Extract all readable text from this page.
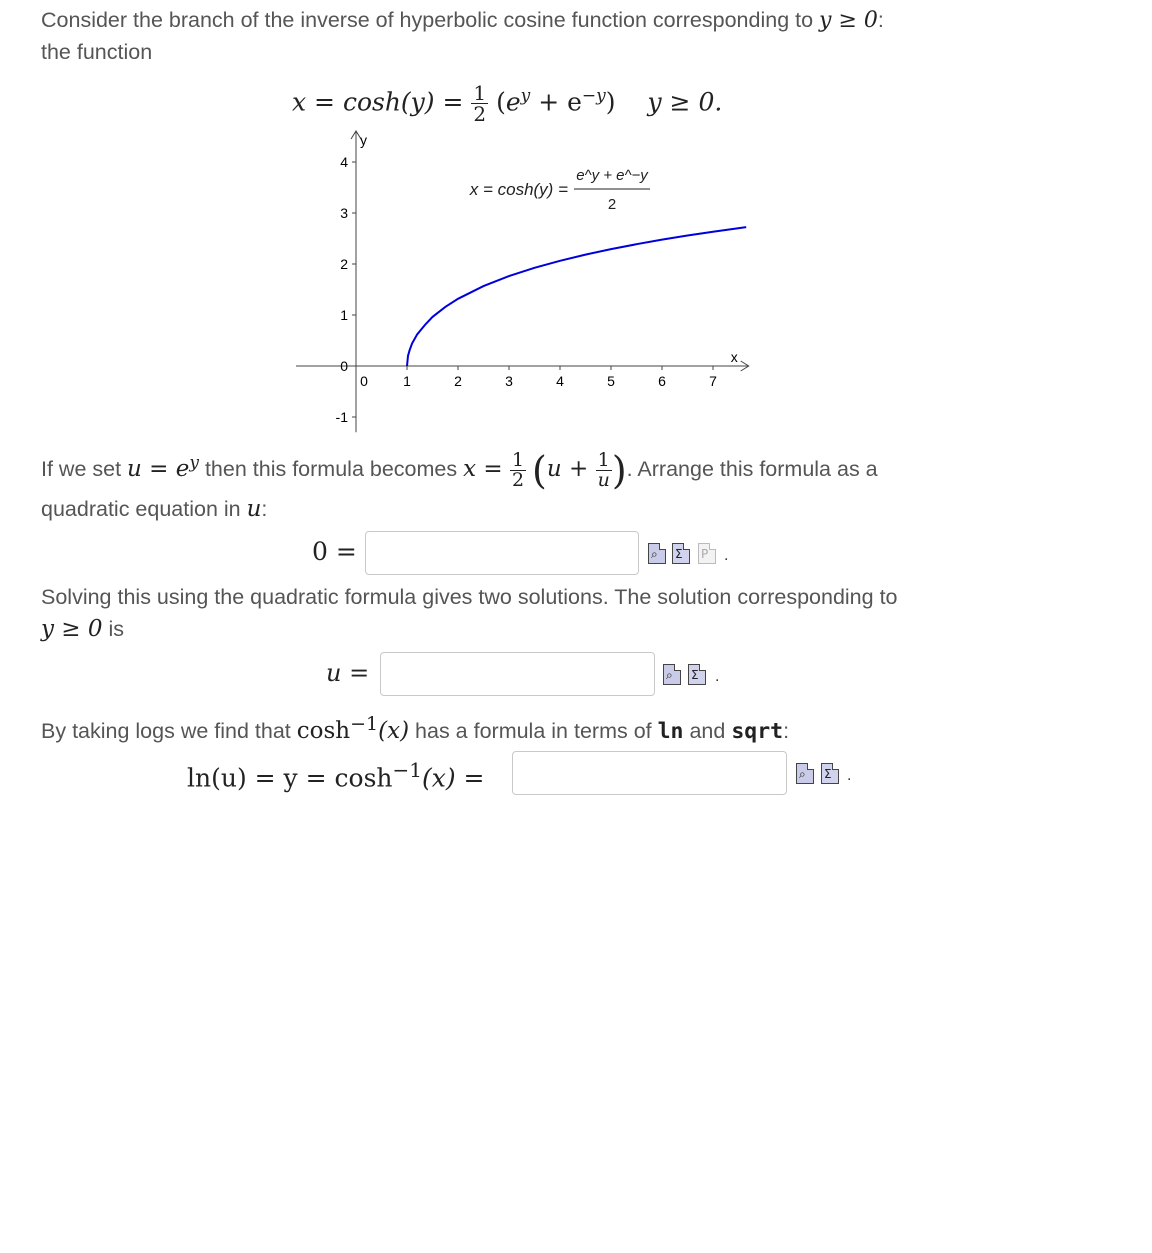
Consider the branch of the inverse of hyperbolic cosine function corresponding to y ≥ 0:
the function
$x = \cosh(y) = \frac{1}{2} (e^y + e^{-y}) y \ge 0$.
x
y
0	1	2	3	4	5	6	7
-1
0
1
2
3
4
x = cosh(y) =
e^y + e^−y
2
If we set $u = e^y$ then this formula becomes $x = \frac{1}{2} (u + \frac{1}{u}$ ). Arrange this formula as a
quadratic equation in u:
0 =	⌕ Σ P .
Solving this using the quadratic formula gives two solutions. The solution corresponding to
y ≥ 0 is
u =	⌕ Σ .
By taking logs we find that $\cosh^{-1}(x)$ has a formula in terms of ln and sqrt:
$\ln(u) = y = \cosh^{-1}(x)$ =	⌕ Σ .
